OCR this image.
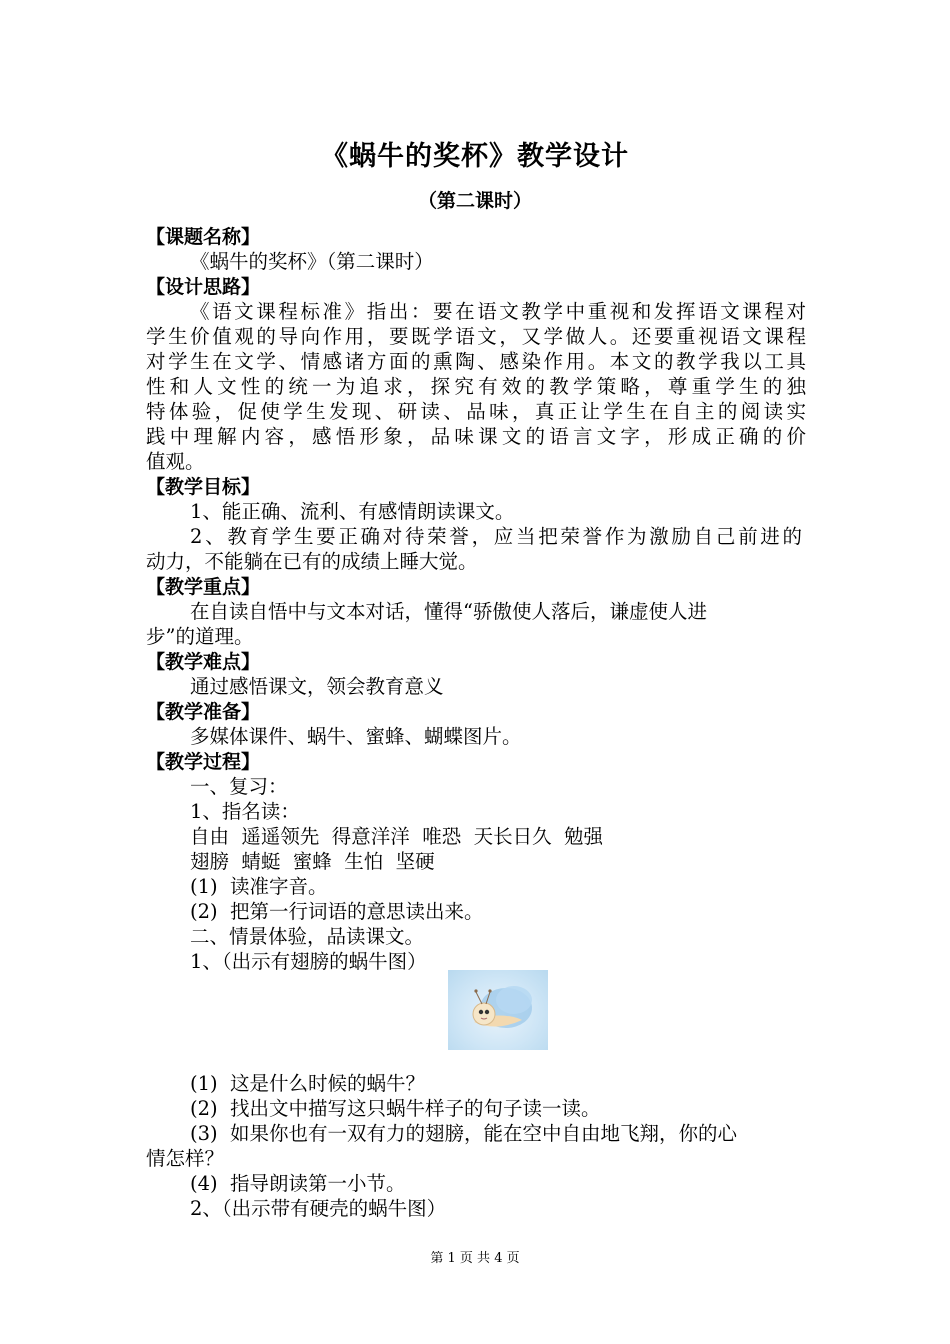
《蜗牛的奖杯》教学设计
（第二课时）
【课题名称】
《蜗牛的奖杯》（第二课时）
【设计思路】
《语文课程标准》指出：要在语文教学中重视和发挥语文课程对
学生价值观的导向作用，要既学语文，又学做人。还要重视语文课程
对学生在文学、情感诸方面的熏陶、感染作用。本文的教学我以工具
性和人文性的统一为追求，探究有效的教学策略，尊重学生的独
特体验，促使学生发现、研读、品味，真正让学生在自主的阅读实
践中理解内容，感悟形象，品味课文的语言文字，形成正确的价
值观。
【教学目标】
1、能正确、流利、有感情朗读课文。
2、教育学生要正确对待荣誉，应当把荣誉作为激励自己前进的
动力，不能躺在已有的成绩上睡大觉。
【教学重点】
在自读自悟中与文本对话，懂得“骄傲使人落后，谦虚使人进
步”的道理。
【教学难点】
通过感悟课文，领会教育意义
【教学准备】
多媒体课件、蜗牛、蜜蜂、蝴蝶图片。
【教学过程】
一、复习：
1、指名读：
自由  遥遥领先  得意洋洋  唯恐  天长日久  勉强
翅膀  蜻蜓  蜜蜂  生怕  坚硬
(1)  读准字音。
(2)  把第一行词语的意思读出来。
二、情景体验，品读课文。
1、（出示有翅膀的蜗牛图）
(1)  这是什么时候的蜗牛？
(2)  找出文中描写这只蜗牛样子的句子读一读。
(3)  如果你也有一双有力的翅膀，能在空中自由地飞翔，你的心
情怎样？
(4)  指导朗读第一小节。
2、（出示带有硬壳的蜗牛图）
第 1 页 共 4 页
